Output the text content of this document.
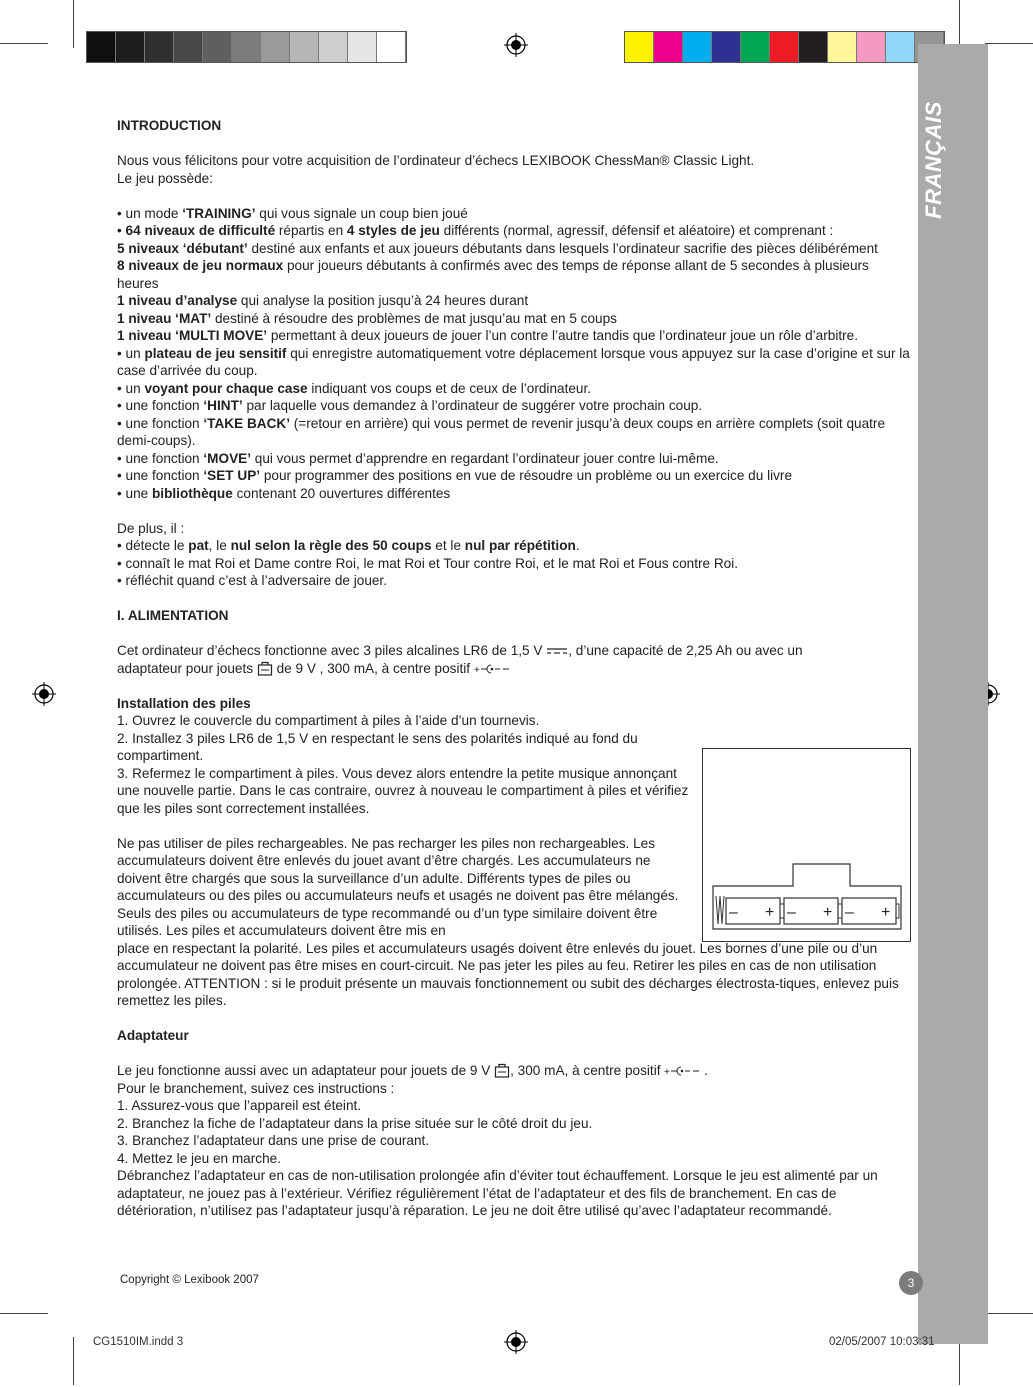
FRANÇAIS

INTRODUCTION

Nous vous félicitons pour votre acquisition de l’ordinateur d’échecs LEXIBOOK ChessMan® Classic Light.

Le jeu possède:

• un mode ‘TRAINING’ qui vous signale un coup bien joué

• 64 niveaux de difficulté répartis en 4 styles de jeu différents (normal, agressif, défensif et aléatoire) et comprenant :

5 niveaux ‘débutant’ destiné aux enfants et aux joueurs débutants dans lesquels l’ordinateur sacrifie des pièces délibérément

8 niveaux de jeu normaux pour joueurs débutants à confirmés avec des temps de réponse allant de 5 secondes à plusieurs heures

1 niveau d’analyse qui analyse la position jusqu’à 24 heures durant

1 niveau ‘MAT’ destiné à résoudre des problèmes de mat jusqu’au mat en 5 coups

1 niveau ‘MULTI MOVE’ permettant à deux joueurs de jouer l’un contre l’autre tandis que l’ordinateur joue un rôle d’arbitre.

• un plateau de jeu sensitif qui enregistre automatiquement votre déplacement lorsque vous appuyez sur la case d’origine et sur la case d’arrivée du coup.

• un voyant pour chaque case indiquant vos coups et de ceux de l’ordinateur.

• une fonction ‘HINT’ par laquelle vous demandez à l’ordinateur de suggérer votre prochain coup.

• une fonction ‘TAKE BACK’ (=retour en arrière) qui vous permet de revenir jusqu’à deux coups en arrière complets (soit quatre demi-coups).

• une fonction ‘MOVE’ qui vous permet d’apprendre en regardant l’ordinateur jouer contre lui-même.

• une fonction ‘SET UP’ pour programmer des positions en vue de résoudre un problème ou un exercice du livre

• une bibliothèque contenant 20 ouvertures différentes

De plus, il :

• détecte le pat, le nul selon la règle des 50 coups et le nul par répétition.

• connaît le mat Roi et Dame contre Roi, le mat Roi et Tour contre Roi, et le mat Roi et Fous contre Roi.

• réfléchit quand c’est à l’adversaire de jouer.

I. ALIMENTATION

Cet ordinateur d’échecs fonctionne avec 3 piles alcalines LR6 de 1,5 V , d’une capacité de 2,25 Ah ou avec un
adaptateur pour jouets de 9 V , 300 mA, à centre positif +

Installation des piles

1. Ouvrez le couvercle du compartiment à piles à l’aide d’un tournevis.

2. Installez 3 piles LR6 de 1,5 V en respectant le sens des polarités indiqué au fond du compartiment.

3. Refermez le compartiment à piles. Vous devez alors entendre la petite musique annonçant une nouvelle partie. Dans le cas contraire, ouvrez à nouveau le compartiment à piles et vérifiez que les piles sont correctement installées.

Ne pas utiliser de piles rechargeables. Ne pas recharger les piles non rechargeables. Les accumulateurs doivent être enlevés du jouet avant d’être chargés. Les accumulateurs ne doivent être chargés que sous la surveillance d’un adulte. Différents types de piles ou accumulateurs ou des piles ou accumulateurs neufs et usagés ne doivent pas être mélangés. Seuls des piles ou accumulateurs de type recommandé ou d’un type similaire doivent être utilisés. Les piles et accumulateurs doivent être mis en

place en respectant la polarité. Les piles et accumulateurs usagés doivent être enlevés du jouet. Les bornes d’une pile ou d’un accumulateur ne doivent pas être mises en court-circuit. Ne pas jeter les piles au feu. Retirer les piles en cas de non utilisation prolongée. ATTENTION : si le produit présente un mauvais fonctionnement ou subit des décharges électrosta-tiques, enlevez puis remettez les piles.

Adaptateur

Le jeu fonctionne aussi avec un adaptateur pour jouets de 9 V , 300 mA, à centre positif + .

Pour le branchement, suivez ces instructions :

1. Assurez-vous que l’appareil est éteint.

2. Branchez la fiche de l’adaptateur dans la prise située sur le côté droit du jeu.

3. Branchez l’adaptateur dans une prise de courant.

4. Mettez le jeu en marche.

Débranchez l’adaptateur en cas de non-utilisation prolongée afin d’éviter tout échauffement. Lorsque le jeu est alimenté par un adaptateur, ne jouez pas à l’extérieur. Vérifiez régulièrement l’état de l’adaptateur et des fils de branchement. En cas de détérioration, n’utilisez pas l’adaptateur jusqu’à réparation. Le jeu ne doit être utilisé qu’avec l’adaptateur recommandé.

– + – + – +
Copyright © Lexibook 2007	3
CG1510IM.indd 3	02/05/2007 10:03:31
